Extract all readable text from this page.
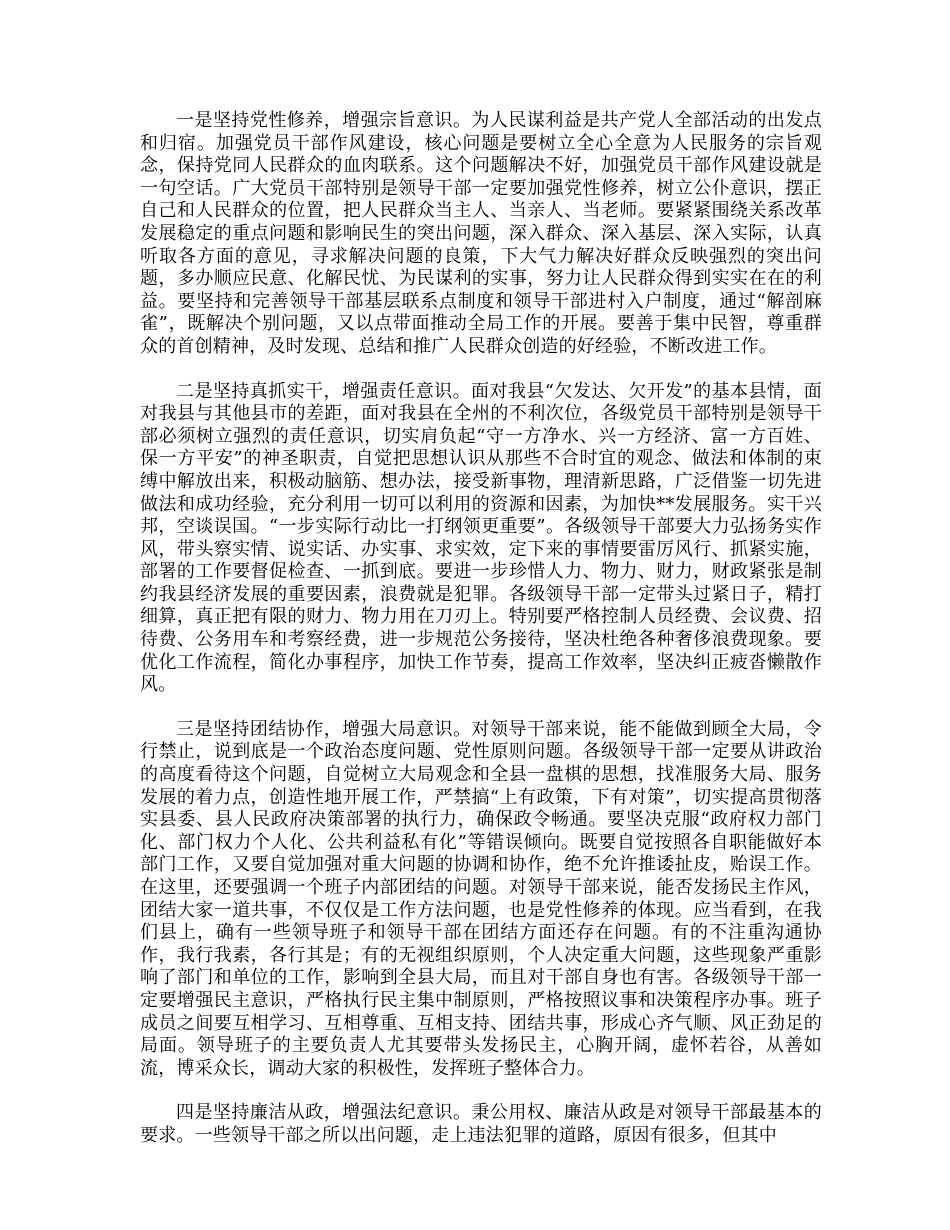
一是坚持党性修养，增强宗旨意识。为人民谋利益是共产党人全部活动的出发点和归宿。加强党员干部作风建设，核心问题是要树立全心全意为人民服务的宗旨观念，保持党同人民群众的血肉联系。这个问题解决不好，加强党员干部作风建设就是一句空话。广大党员干部特别是领导干部一定要加强党性修养，树立公仆意识，摆正自己和人民群众的位置，把人民群众当主人、当亲人、当老师。要紧紧围绕关系改革发展稳定的重点问题和影响民生的突出问题，深入群众、深入基层、深入实际，认真听取各方面的意见，寻求解决问题的良策，下大气力解决好群众反映强烈的突出问题，多办顺应民意、化解民忧、为民谋利的实事，努力让人民群众得到实实在在的利益。要坚持和完善领导干部基层联系点制度和领导干部进村入户制度，通过“解剖麻雀”，既解决个别问题，又以点带面推动全局工作的开展。要善于集中民智，尊重群众的首创精神，及时发现、总结和推广人民群众创造的好经验，不断改进工作。

二是坚持真抓实干，增强责任意识。面对我县“欠发达、欠开发”的基本县情，面对我县与其他县市的差距，面对我县在全州的不利次位，各级党员干部特别是领导干部必须树立强烈的责任意识，切实肩负起“守一方净水、兴一方经济、富一方百姓、保一方平安”的神圣职责，自觉把思想认识从那些不合时宜的观念、做法和体制的束缚中解放出来，积极动脑筋、想办法，接受新事物，理清新思路，广泛借鉴一切先进做法和成功经验，充分利用一切可以利用的资源和因素，为加快**发展服务。实干兴邦，空谈误国。“一步实际行动比一打纲领更重要”。各级领导干部要大力弘扬务实作风，带头察实情、说实话、办实事、求实效，定下来的事情要雷厉风行、抓紧实施，部署的工作要督促检查、一抓到底。要进一步珍惜人力、物力、财力，财政紧张是制约我县经济发展的重要因素，浪费就是犯罪。各级领导干部一定带头过紧日子，精打细算，真正把有限的财力、物力用在刀刃上。特别要严格控制人员经费、会议费、招待费、公务用车和考察经费，进一步规范公务接待，坚决杜绝各种奢侈浪费现象。要优化工作流程，简化办事程序，加快工作节奏，提高工作效率，坚决纠正疲沓懒散作风。

三是坚持团结协作，增强大局意识。对领导干部来说，能不能做到顾全大局，令行禁止，说到底是一个政治态度问题、党性原则问题。各级领导干部一定要从讲政治的高度看待这个问题，自觉树立大局观念和全县一盘棋的思想，找准服务大局、服务发展的着力点，创造性地开展工作，严禁搞“上有政策，下有对策”，切实提高贯彻落实县委、县人民政府决策部署的执行力，确保政令畅通。要坚决克服“政府权力部门化、部门权力个人化、公共利益私有化”等错误倾向。既要自觉按照各自职能做好本部门工作，又要自觉加强对重大问题的协调和协作，绝不允许推诿扯皮，贻误工作。在这里，还要强调一个班子内部团结的问题。对领导干部来说，能否发扬民主作风，团结大家一道共事，不仅仅是工作方法问题，也是党性修养的体现。应当看到，在我们县上，确有一些领导班子和领导干部在团结方面还存在问题。有的不注重沟通协作，我行我素，各行其是；有的无视组织原则，个人决定重大问题，这些现象严重影响了部门和单位的工作，影响到全县大局，而且对干部自身也有害。各级领导干部一定要增强民主意识，严格执行民主集中制原则，严格按照议事和决策程序办事。班子成员之间要互相学习、互相尊重、互相支持、团结共事，形成心齐气顺、风正劲足的局面。领导班子的主要负责人尤其要带头发扬民主，心胸开阔，虚怀若谷，从善如流，博采众长，调动大家的积极性，发挥班子整体合力。

四是坚持廉洁从政，增强法纪意识。秉公用权、廉洁从政是对领导干部最基本的要求。一些领导干部之所以出问题，走上违法犯罪的道路，原因有很多，但其中
